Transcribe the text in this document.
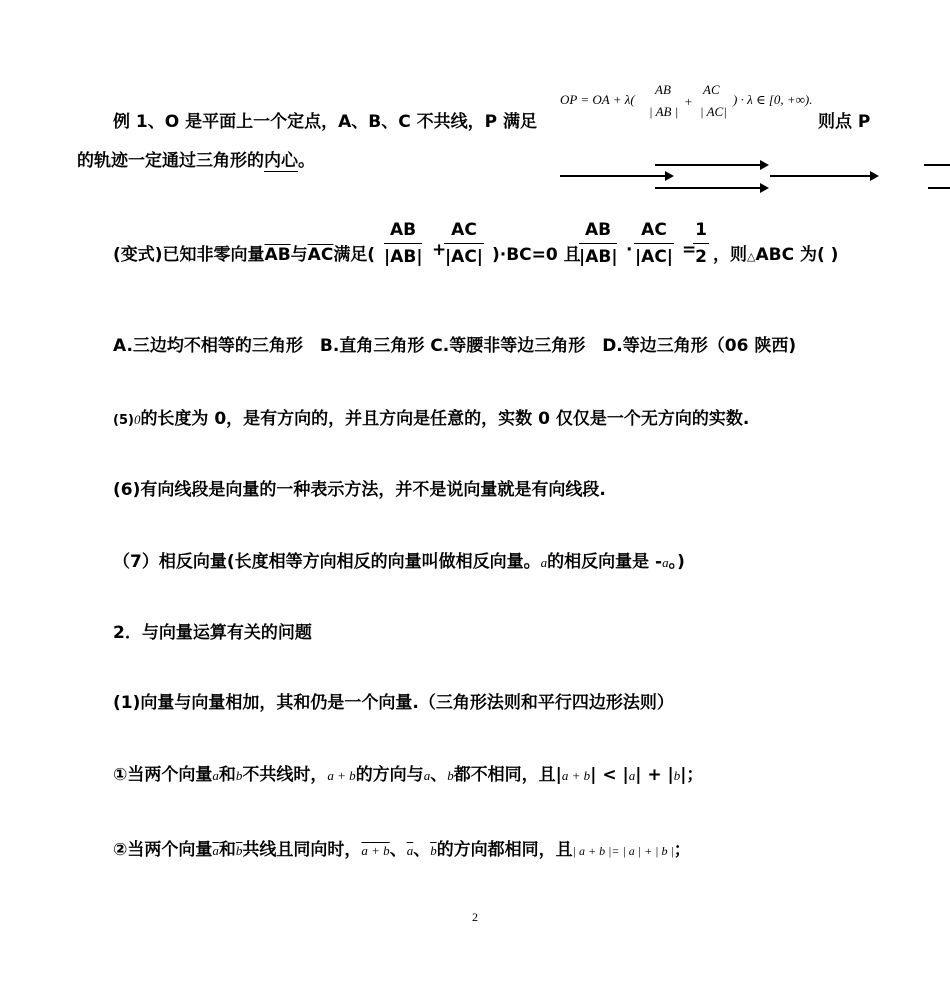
例 1、O 是平面上一个定点，A、B、C 不共线，P 满足
OP = OA + λ(
AB
| AB |
+
AC
| AC|
) · λ ∈ [0, +∞).
则点 P
的轨迹一定通过三角形的内心。
(变式)已知非零向量$\overline{AB}$与$\overline{AC}$满足(
AB
|AB| +
AC
|AC| )·BC=0 且
AB
|AB| ·
AC
|AC| =
1
2 ，则△ABC 为( )
A.三边均不相等的三角形　B.直角三角形 C.等腰非等边三角形　D.等边三角形（06 陕西)
(5)0的长度为 0，是有方向的，并且方向是任意的，实数 0 仅仅是一个无方向的实数.
(6)有向线段是向量的一种表示方法，并不是说向量就是有向线段.
（7）相反向量(长度相等方向相反的向量叫做相反向量。a的相反向量是 -a。)
2．与向量运算有关的问题
(1)向量与向量相加，其和仍是一个向量.（三角形法则和平行四边形法则）
①当两个向量a和b不共线时，a + b的方向与a、b都不相同，且|a + b| < |a| + |b|；
②当两个向量$\overline{a}$和$\overline{b}$共线且同向时，a + b、$\overline{a}$、$\overline{b}$的方向都相同，且| a + b |= | a | + | b |；
2
